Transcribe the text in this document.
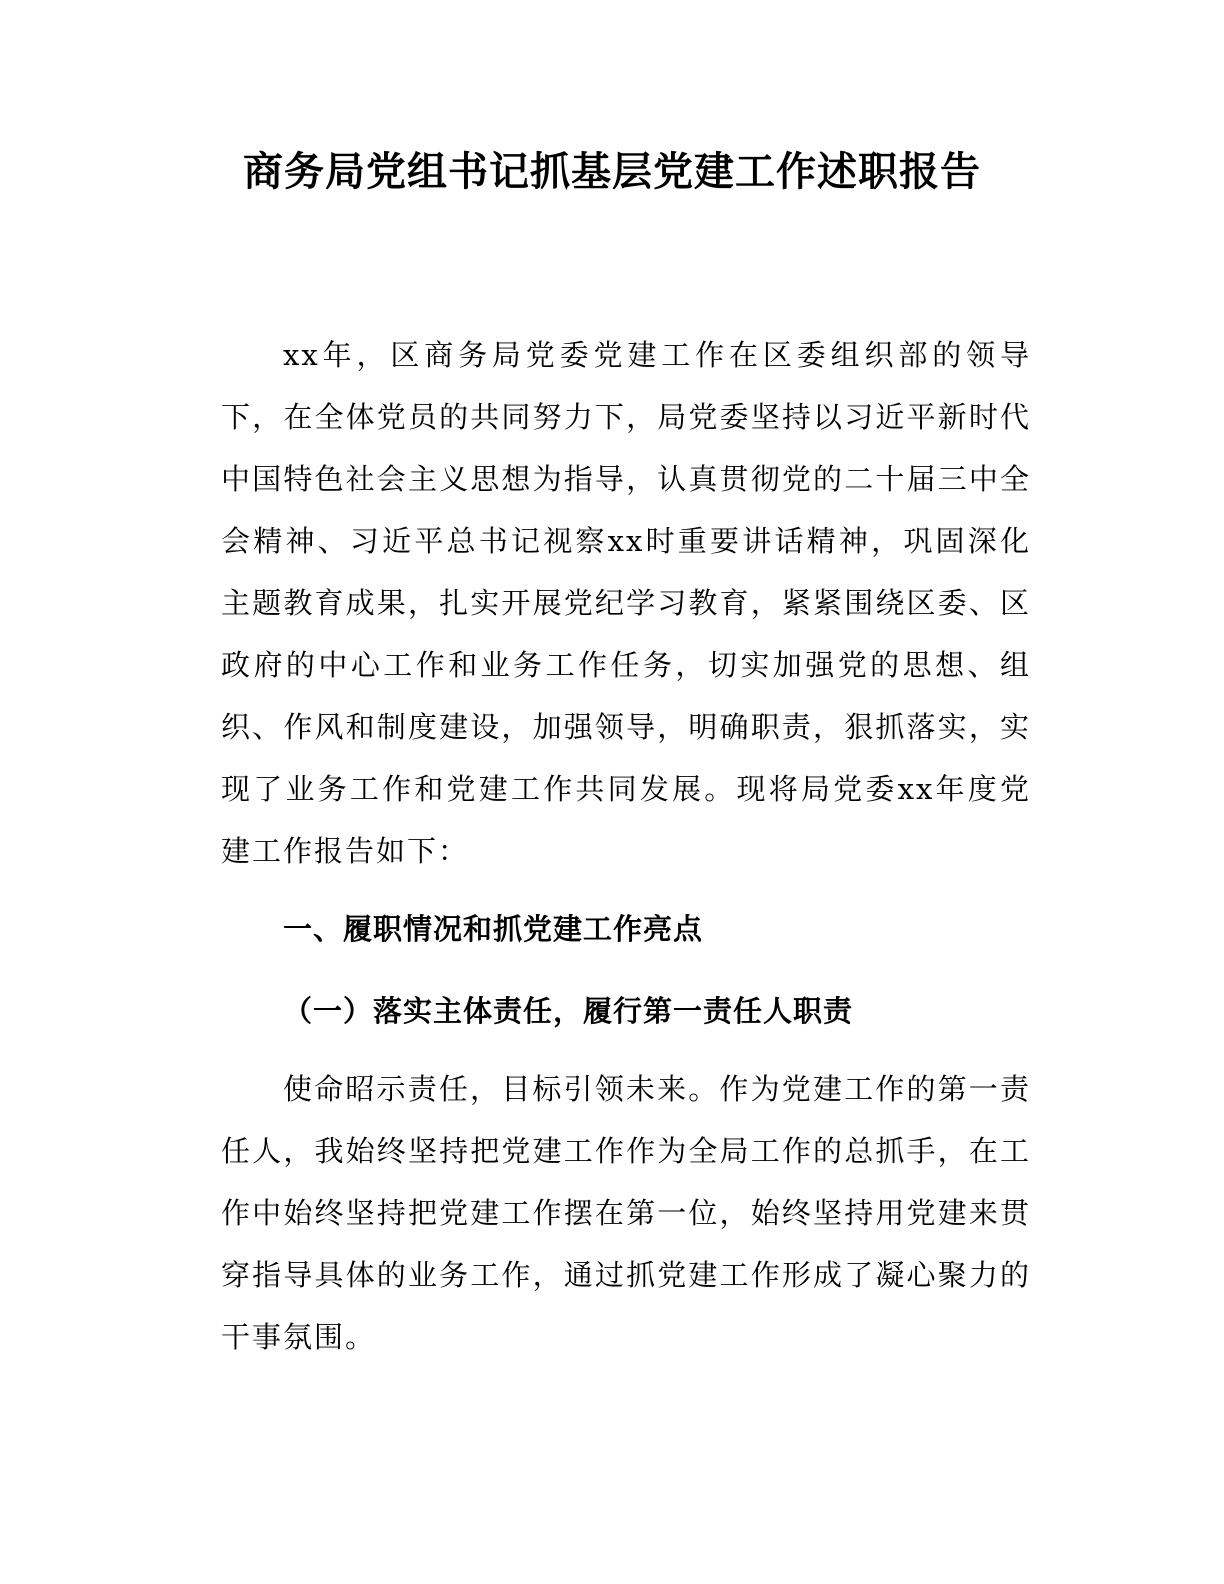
商务局党组书记抓基层党建工作述职报告

xx年，区商务局党委党建工作在区委组织部的领导下，在全体党员的共同努力下，局党委坚持以习近平新时代中国特色社会主义思想为指导，认真贯彻党的二十届三中全会精神、习近平总书记视察xx时重要讲话精神，巩固深化主题教育成果，扎实开展党纪学习教育，紧紧围绕区委、区政府的中心工作和业务工作任务，切实加强党的思想、组织、作风和制度建设，加强领导，明确职责，狠抓落实，实现了业务工作和党建工作共同发展。现将局党委xx年度党建工作报告如下：

一、履职情况和抓党建工作亮点

（一）落实主体责任，履行第一责任人职责

使命昭示责任，目标引领未来。作为党建工作的第一责任人，我始终坚持把党建工作作为全局工作的总抓手，在工作中始终坚持把党建工作摆在第一位，始终坚持用党建来贯穿指导具体的业务工作，通过抓党建工作形成了凝心聚力的干事氛围。
